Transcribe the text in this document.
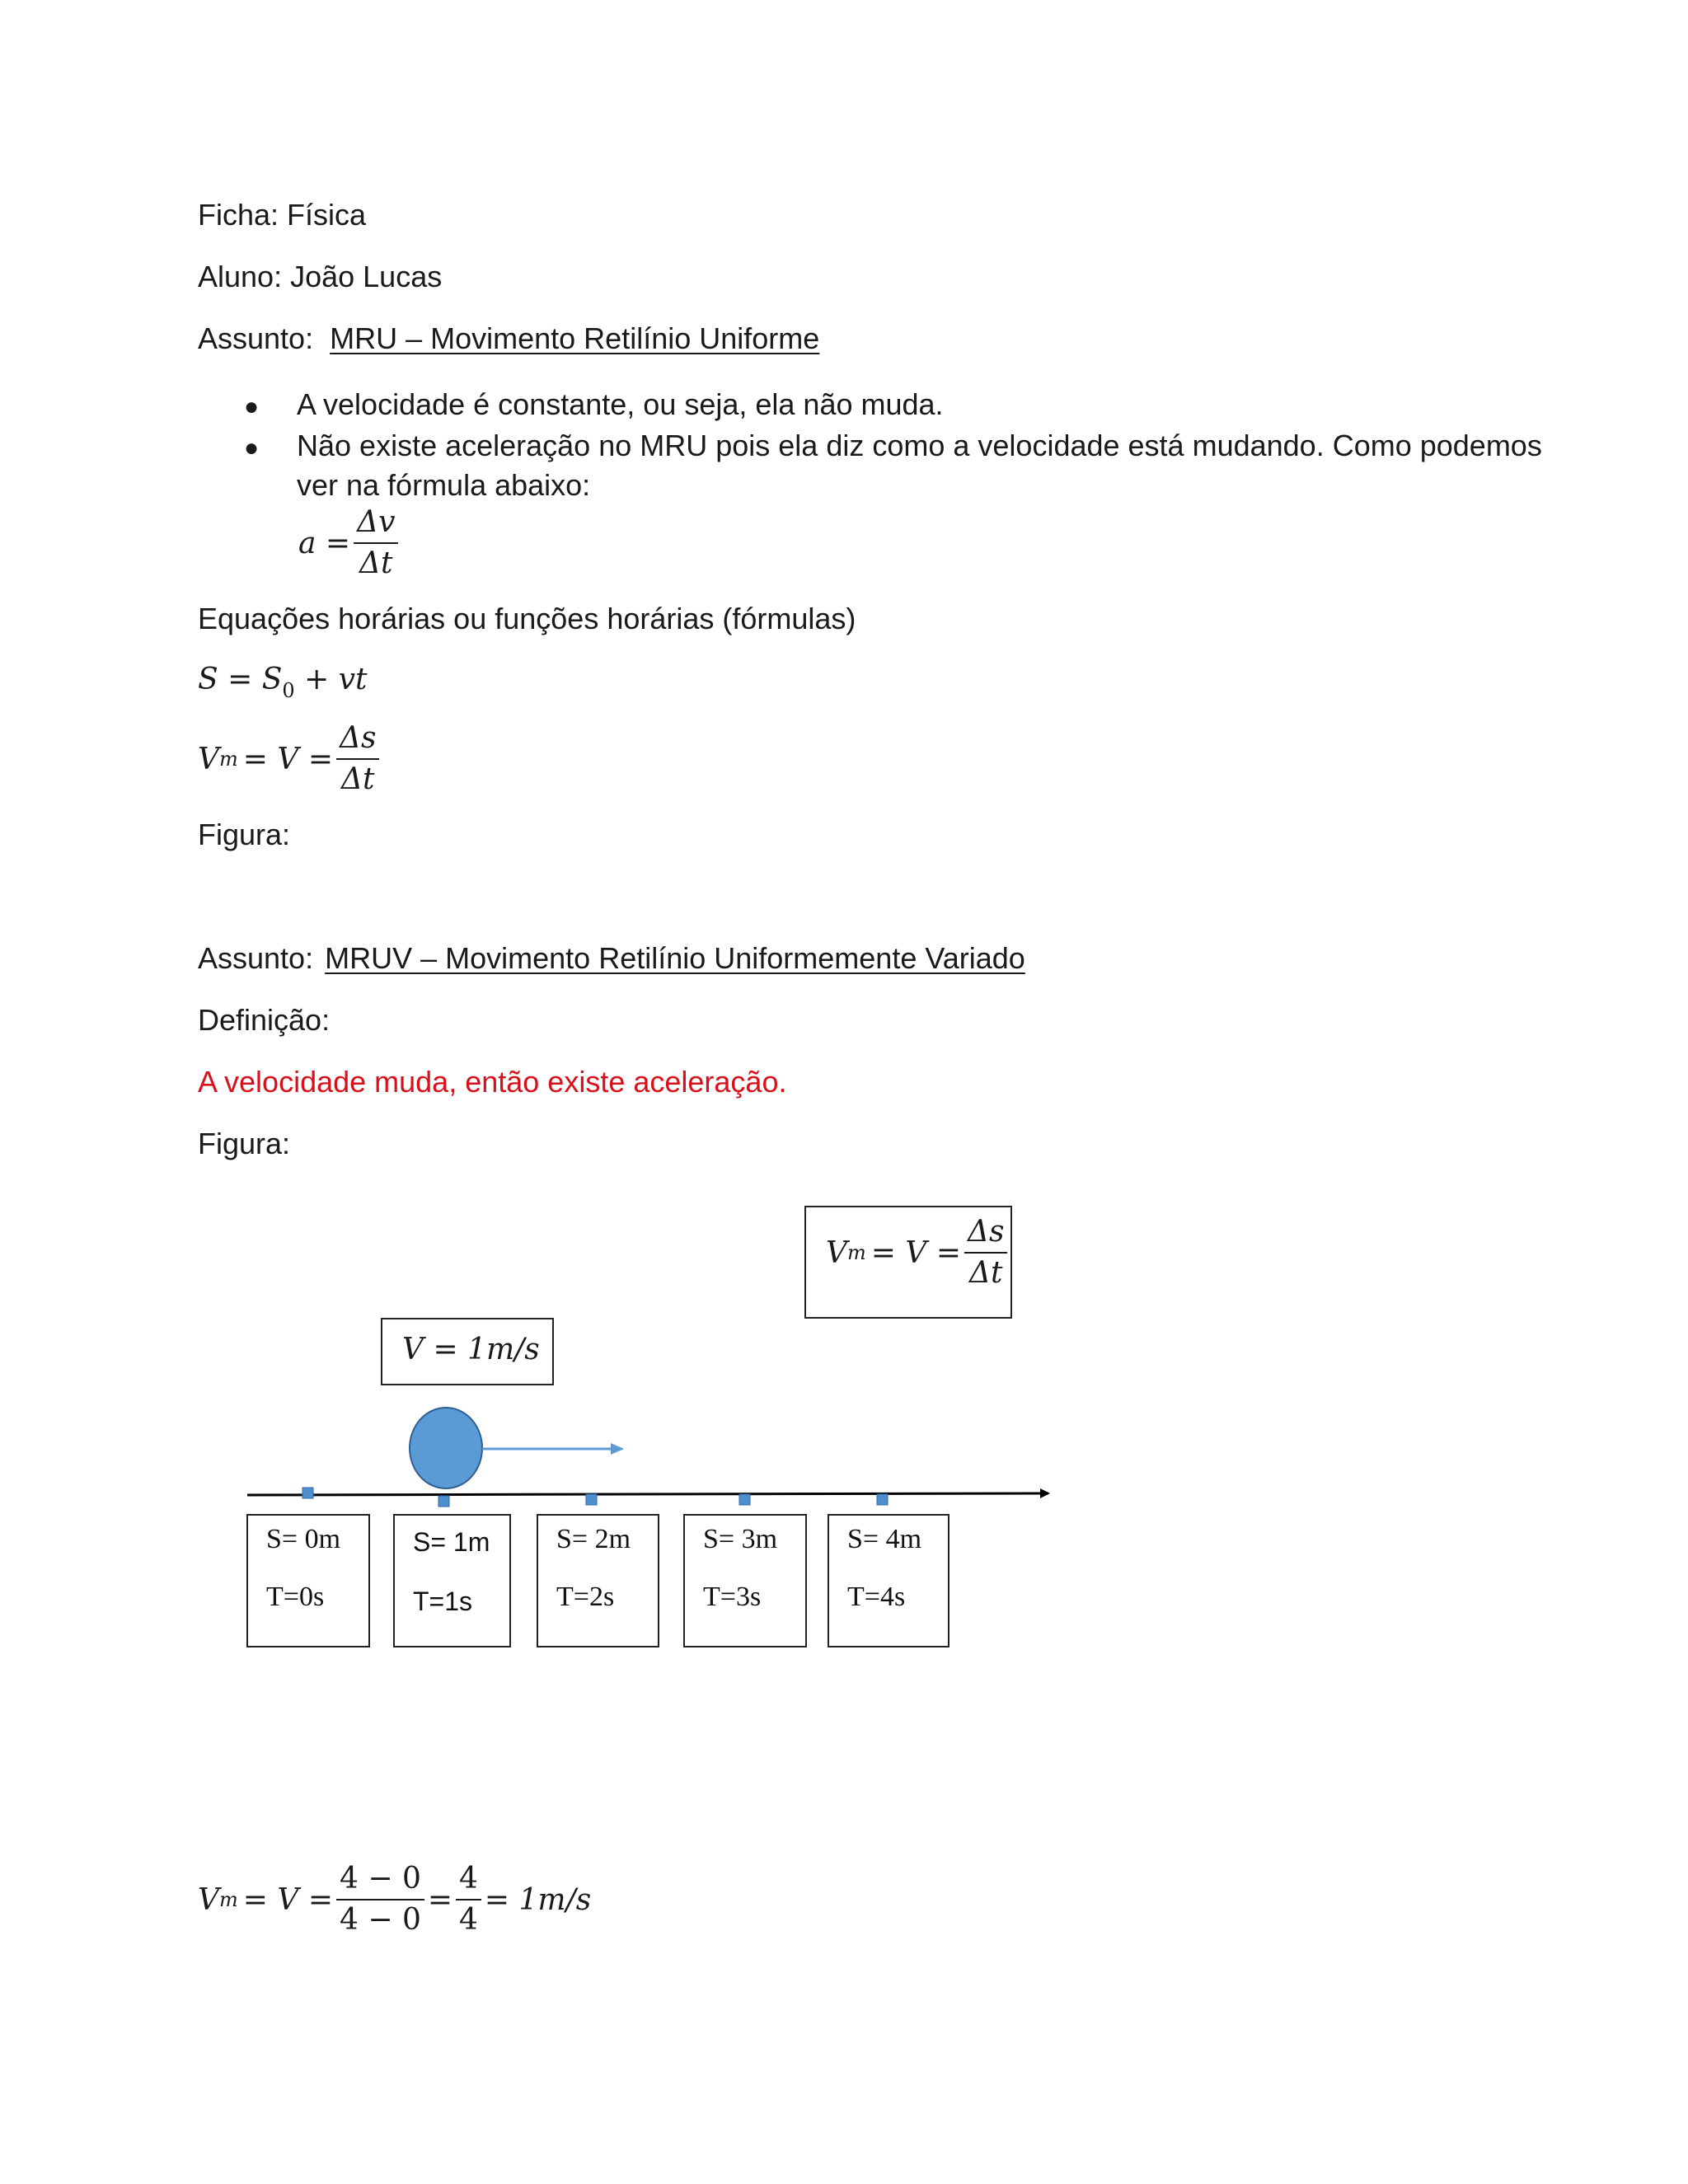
Ficha: Física
Aluno: João Lucas
Assunto: MRU – Movimento Retilínio Uniforme
● A velocidade é constante, ou seja, ela não muda.
● Não existe aceleração no MRU pois ela diz como a velocidade está mudando. Como podemos
ver na fórmula abaixo:
$a = \frac{\Delta v}{\Delta t}$
Equações horárias ou funções horárias (fórmulas)
$S = S_0$ + vt
V $m = V = \frac{\Delta s}{\Delta t}$
Figura:
Assunto: MRUV – Movimento Retilínio Uniformemente Variado
Definição:
A velocidade muda, então existe aceleração.
Figura:
V $m = V = \frac{\Delta s}{\Delta t}$
V = 1m/s
S= 0m
T=0s
S= 1m
T=1s
S= 2m
T=2s
S= 3m
T=3s
S= 4m
T=4s
V $m = V = \frac{4 - 0}{4 - 0} = \frac{4}{4} = 1m/s$
